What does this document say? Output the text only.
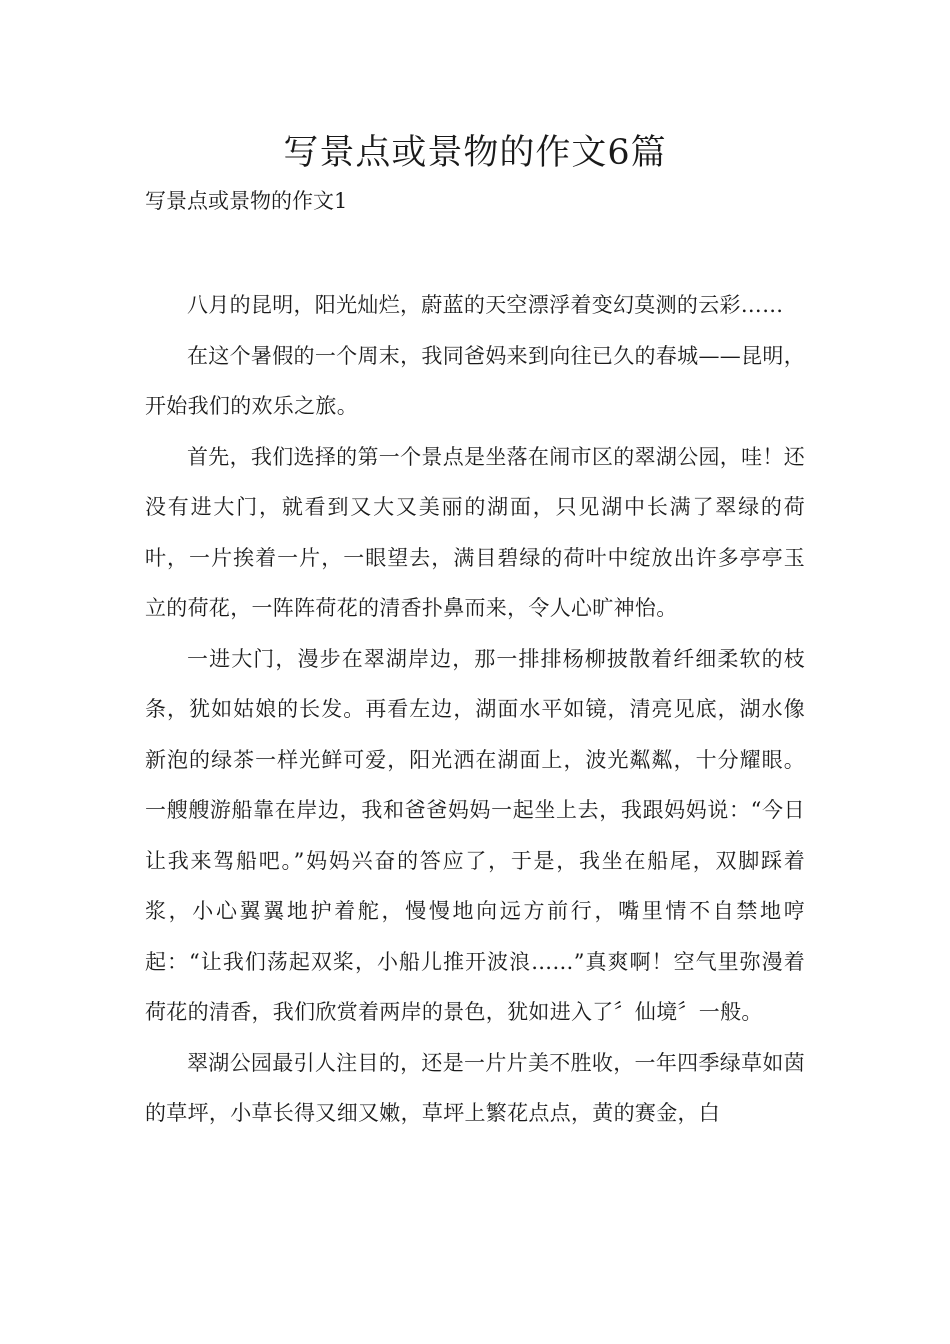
写景点或景物的作文6篇
写景点或景物的作文1

八月的昆明，阳光灿烂，蔚蓝的天空漂浮着变幻莫测的云彩……

在这个暑假的一个周末，我同爸妈来到向往已久的春城——昆明，开始我们的欢乐之旅。

首先，我们选择的第一个景点是坐落在闹市区的翠湖公园，哇！还没有进大门，就看到又大又美丽的湖面，只见湖中长满了翠绿的荷叶，一片挨着一片，一眼望去，满目碧绿的荷叶中绽放出许多亭亭玉立的荷花，一阵阵荷花的清香扑鼻而来，令人心旷神怡。

一进大门，漫步在翠湖岸边，那一排排杨柳披散着纤细柔软的枝条，犹如姑娘的长发。再看左边，湖面水平如镜，清亮见底，湖水像新泡的绿茶一样光鲜可爱，阳光洒在湖面上，波光粼粼，十分耀眼。一艘艘游船靠在岸边，我和爸爸妈妈一起坐上去，我跟妈妈说：“今日让我来驾船吧。”妈妈兴奋的答应了，于是，我坐在船尾，双脚踩着浆，小心翼翼地护着舵，慢慢地向远方前行，嘴里情不自禁地哼起：“让我们荡起双桨，小船儿推开波浪……”真爽啊！空气里弥漫着荷花的清香，我们欣赏着两岸的景色，犹如进入了〞仙境〞一般。

翠湖公园最引人注目的，还是一片片美不胜收，一年四季绿草如茵的草坪，小草长得又细又嫩，草坪上繁花点点，黄的赛金，白
